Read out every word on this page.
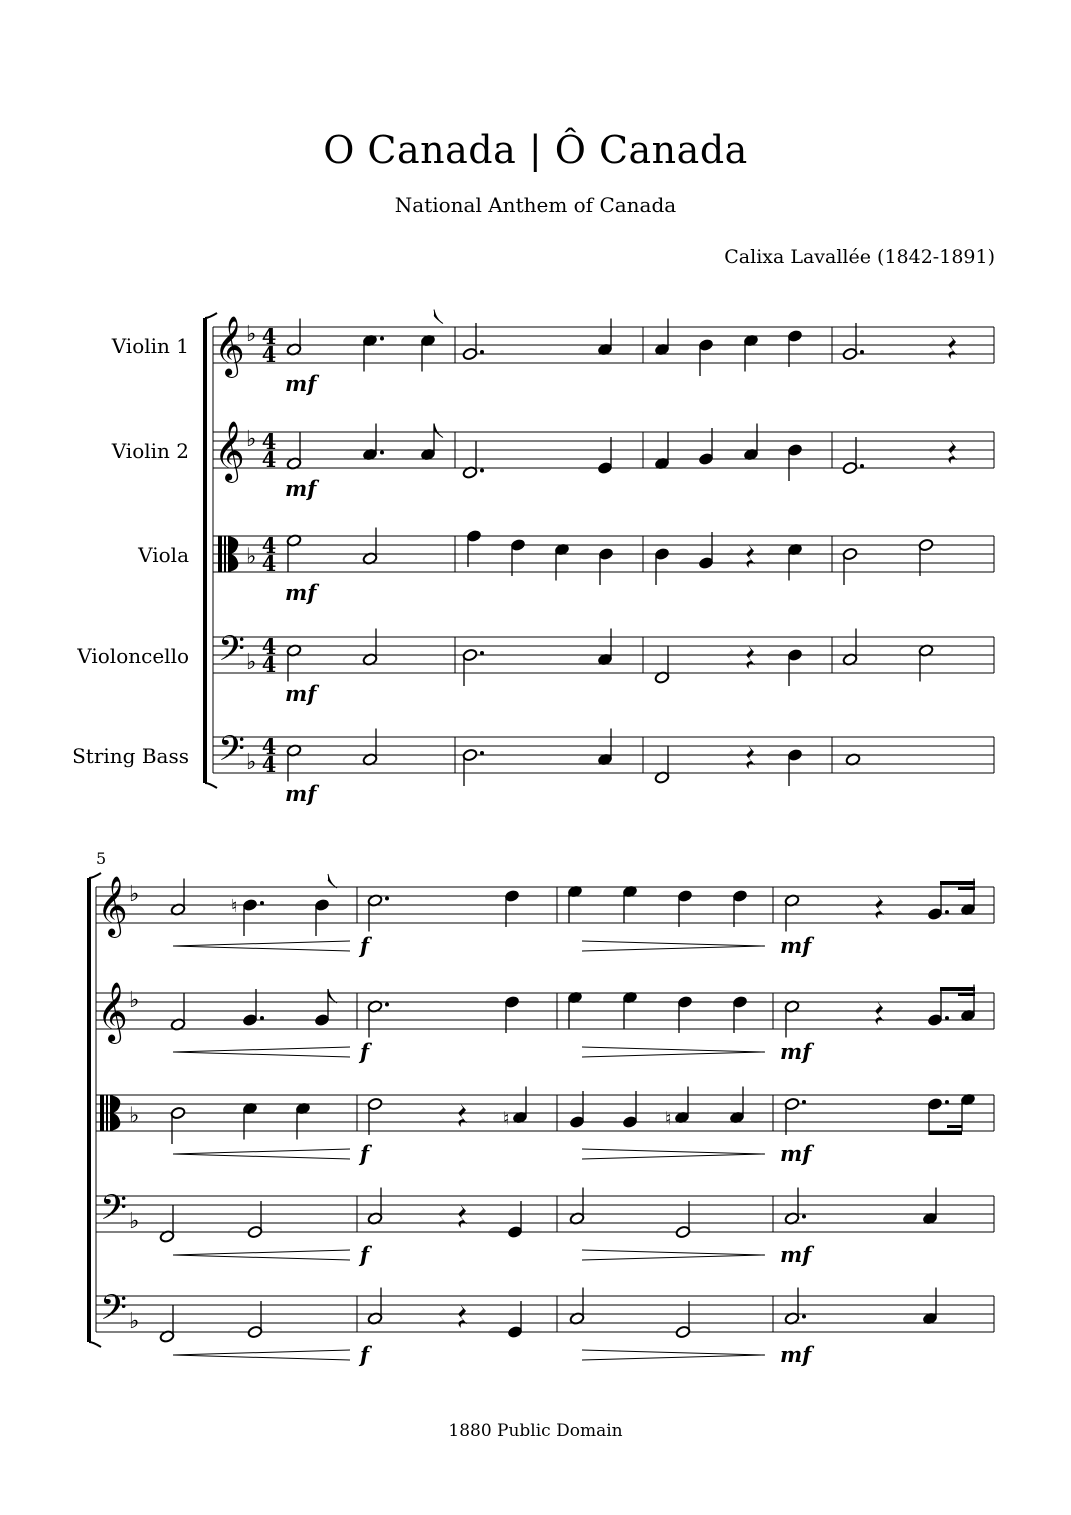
O Canada | Ô Canada
National Anthem of Canada
Calixa Lavallée (1842-1891)
1880 Public Domain
Violin 1
Violin 2
Viola
Violoncello
String Bass
𝄞 ♭
𝄞 ♭
♭
𝄢 ♭
𝄢 ♭
4
4
4
4
4
4
4
4
4
4
mf
mf
mf
mf
mf
5
𝄞 ♭
𝄞 ♭
♭
𝄢 ♭
𝄢 ♭
♮
♮	♮
f	mf
f	mf
f	mf
f	mf
f	mf
